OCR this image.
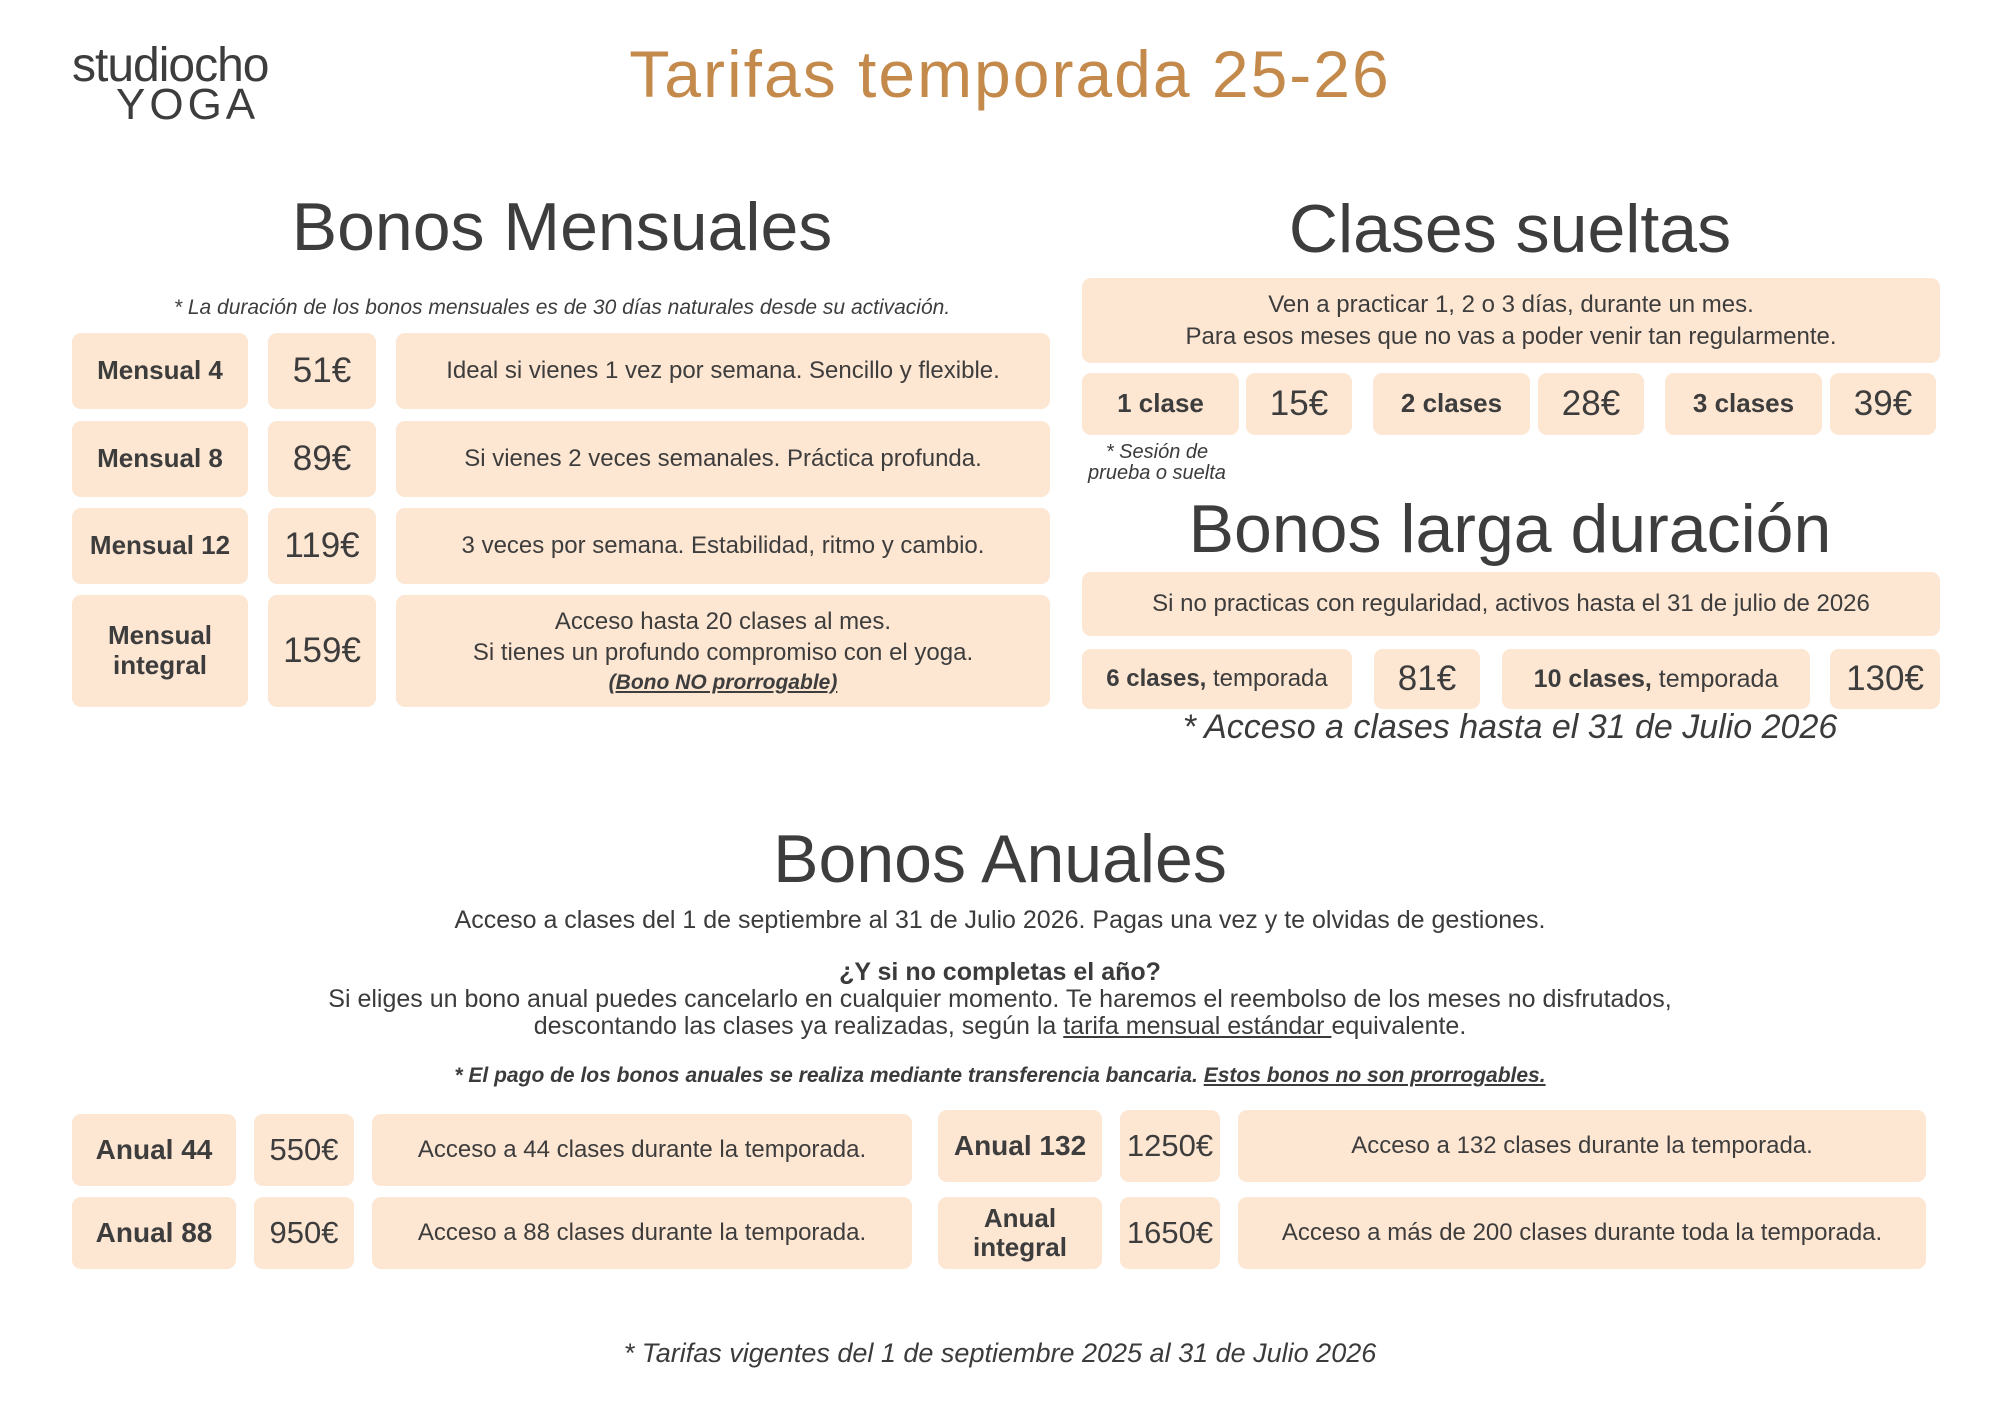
studiocho
YOGA	Tarifas temporada 25-26
Bonos Mensuales
* La duración de los bonos mensuales es de 30 días naturales desde su activación.
Mensual 4	51€	Ideal si vienes 1 vez por semana. Sencillo y flexible.
Mensual 8	89€	Si vienes 2 veces semanales. Práctica profunda.
Mensual 12	119€	3 veces por semana. Estabilidad, ritmo y cambio.
Mensual
integral	159€
Acceso hasta 20 clases al mes.
Si tienes un profundo compromiso con el yoga.
(Bono NO prorrogable)
Clases sueltas
Ven a practicar 1, 2 o 3 días, durante un mes.
Para esos meses que no vas a poder venir tan regularmente.
1 clase	15€	2 clases	28€	3 clases	39€
* Sesión de
prueba o suelta
Bonos larga duración
Si no practicas con regularidad, activos hasta el 31 de julio de 2026
6 clases, temporada	81€	10 clases, temporada	130€
* Acceso a clases hasta el 31 de Julio 2026
Bonos Anuales
Acceso a clases del 1 de septiembre al 31 de Julio 2026. Pagas una vez y te olvidas de gestiones.
¿Y si no completas el año?
Si eliges un bono anual puedes cancelarlo en cualquier momento. Te haremos el reembolso de los meses no disfrutados,
descontando las clases ya realizadas, según la tarifa mensual estándar equivalente.
* El pago de los bonos anuales se realiza mediante transferencia bancaria. Estos bonos no son prorrogables.
Anual 44	550€	Acceso a 44 clases durante la temporada.
Anual 88	950€	Acceso a 88 clases durante la temporada.
Anual 132	1250€	Acceso a 132 clases durante la temporada.
Anual
integral 1650€	Acceso a más de 200 clases durante toda la temporada.
* Tarifas vigentes del 1 de septiembre 2025 al 31 de Julio 2026
